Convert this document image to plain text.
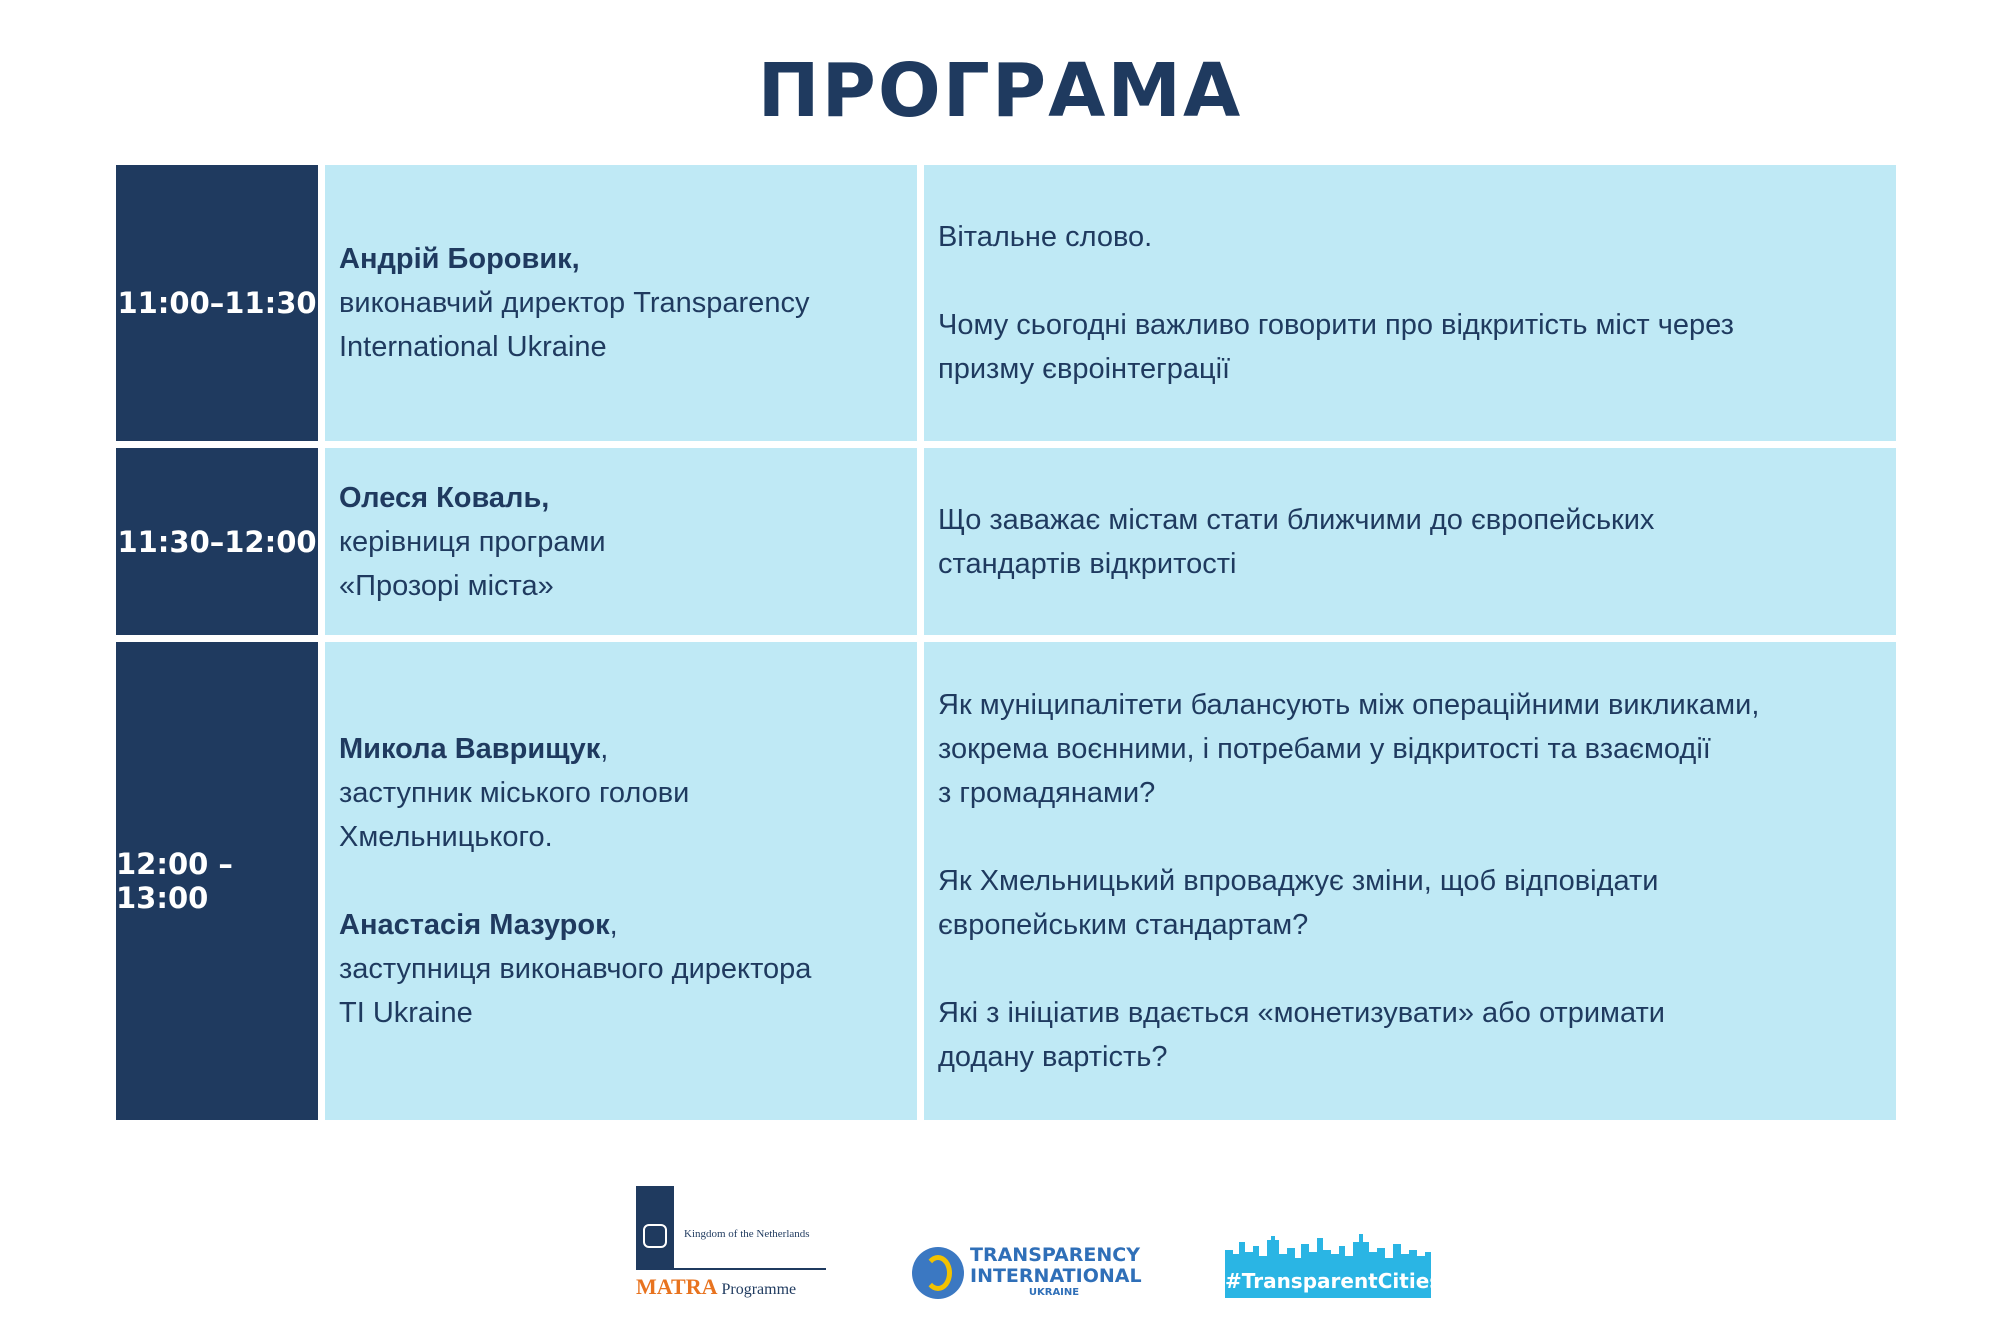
ПРОГРАМА
11:00–11:30
Андрій Боровик,
виконавчий директор Transparency
International Ukraine
Вітальне слово.
Чому сьогодні важливо говорити про відкритість міст через
призму євроінтеграції
11:30–12:00
Олеся Коваль,
керівниця програми
«Прозорі міста»
Що заважає містам стати ближчими до європейських
стандартів відкритості
12:00 –13:00
Микола Ваврищук,
заступник міського голови
Хмельницького.
Анастасія Мазурок,
заступниця виконавчого директора
TI Ukraine
Як муніципалітети балансують між операційними викликами,
зокрема воєнними, і потребами у відкритості та взаємодії
з громадянами?
Як Хмельницький впроваджує зміни, щоб відповідати
європейським стандартам?
Які з ініціатив вдається «монетизувати» або отримати
додану вартість?
Kingdom of the Netherlands
MATRA Programme
TRANSPARENCY
INTERNATIONAL
UKRAINE	#TransparentCities
